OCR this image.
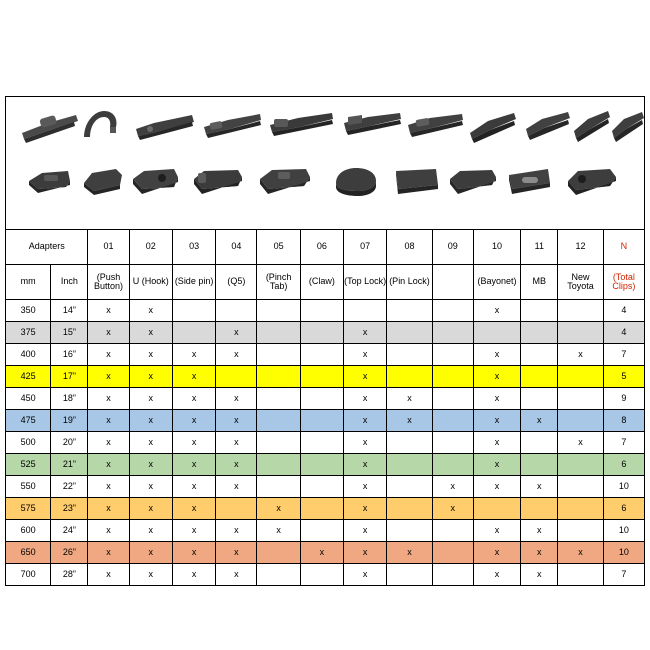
Adapters		01	02	03	04	05	06	07	08	09	10	11	12	N
mm	Inch	(Push Button)	U (Hook)	(Side pin)	(Q5)	(Pinch Tab)	(Claw)	(Top Lock)	(Pin Lock)		(Bayonet)	MB	New Toyota	(Total Clips)
350	14”	x	x								x			4
375	15”	x	x		x			x						4
400	16”	x	x	x	x			x			x		x	7
425	17”	x	x	x				x			x			5
450	18”	x	x	x	x			x	x		x			9
475	19”	x	x	x	x			x	x		x	x		8
500	20”	x	x	x	x			x			x		x	7
525	21”	x	x	x	x			x			x			6
550	22”	x	x	x	x			x		x	x	x		10
575	23”	x	x	x		x		x		x				6
600	24”	x	x	x	x	x		x			x	x		10
650	26”	x	x	x	x		x	x	x		x	x	x	10
700	28”	x	x	x	x			x			x	x		7
